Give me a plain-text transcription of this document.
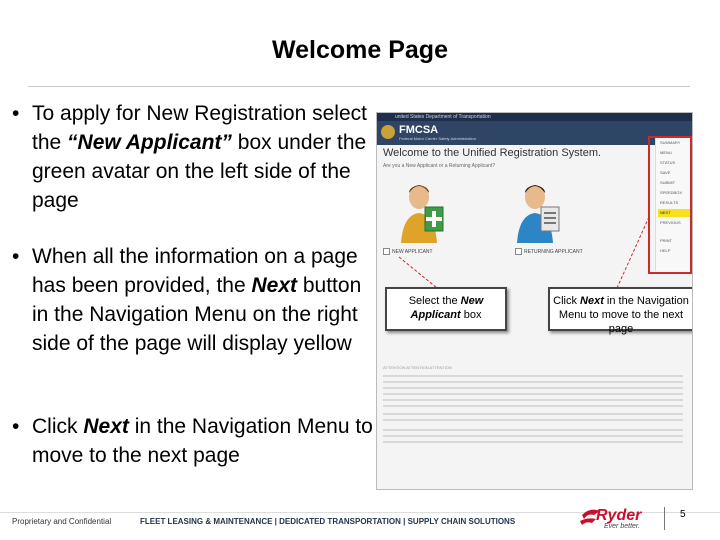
Welcome Page
• To apply for New Registration select the “New Applicant” box under the green avatar on the left side of the page
• When all the information on a page has been provided, the Next button in the Navigation Menu on the right side of the page will display yellow
• Click Next in the Navigation Menu to move to the next page
united States Department of Transportation
FMCSA
Federal Motor Carrier Safety Administration
Welcome to the Unified Registration System.
Are you a New Applicant or a Returning Applicant?
NEW APPLICANT	RETURNING APPLICANT
SUMMARY
MENU
STATUS
SAVE
SUBMIT
SPEEDBOX
RESULTS
NEXT
PREVIOUS
PRINT
HELP
Select the New Applicant box
Click Next in the Navigation Menu to move to the next page
ATTENTION ATTENTION ATTENTION
Proprietary and Confidential	FLEET LEASING & MAINTENANCE | DEDICATED TRANSPORTATION | SUPPLY CHAIN SOLUTIONS	Ryder
Ever better.
5
